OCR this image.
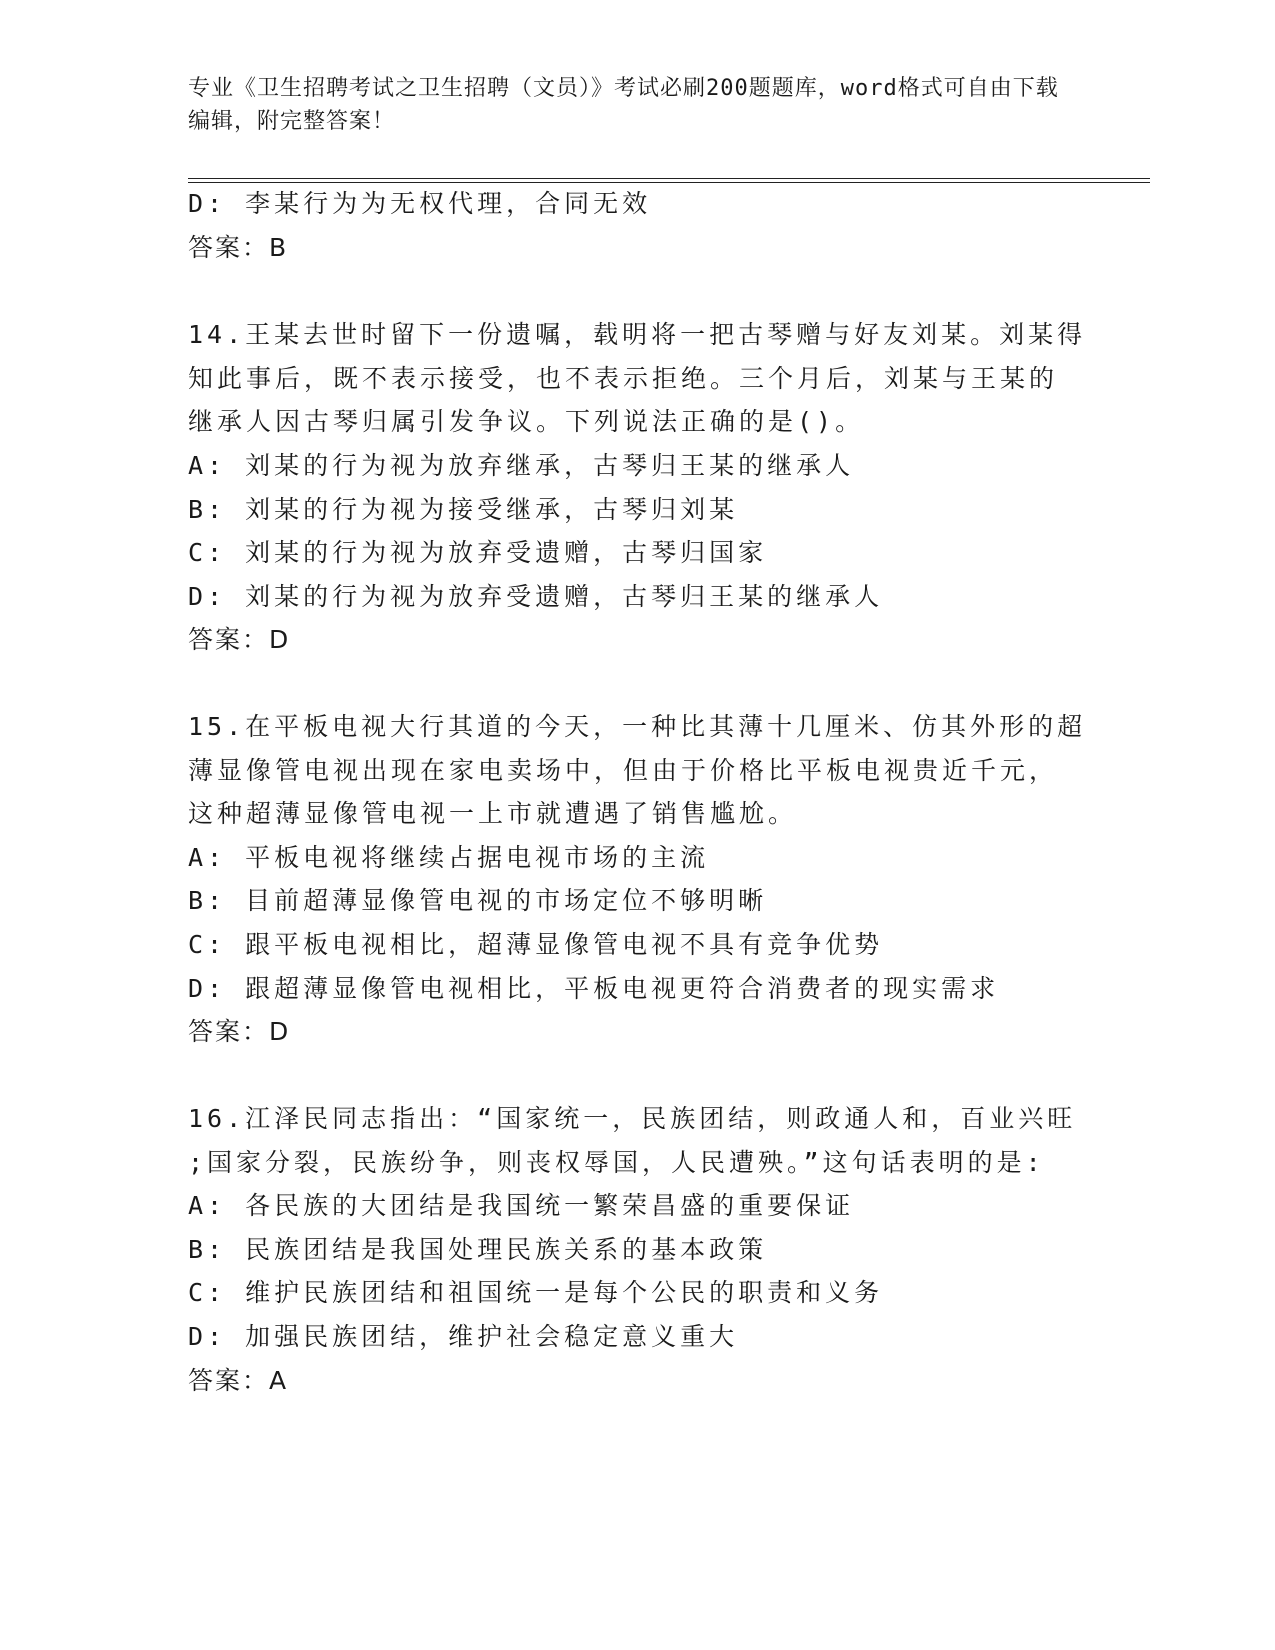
专业《卫生招聘考试之卫生招聘（文员）》考试必刷200题题库，word格式可自由下载编辑，附完整答案！
D: 李某行为为无权代理，合同无效
答案：B
14.王某去世时留下一份遗嘱，载明将一把古琴赠与好友刘某。刘某得
知此事后，既不表示接受，也不表示拒绝。三个月后，刘某与王某的
继承人因古琴归属引发争议。下列说法正确的是()。
A: 刘某的行为视为放弃继承，古琴归王某的继承人
B: 刘某的行为视为接受继承，古琴归刘某
C: 刘某的行为视为放弃受遗赠，古琴归国家
D: 刘某的行为视为放弃受遗赠，古琴归王某的继承人
答案：D
15.在平板电视大行其道的今天，一种比其薄十几厘米、仿其外形的超
薄显像管电视出现在家电卖场中，但由于价格比平板电视贵近千元，
这种超薄显像管电视一上市就遭遇了销售尴尬。
A: 平板电视将继续占据电视市场的主流
B: 目前超薄显像管电视的市场定位不够明晰
C: 跟平板电视相比，超薄显像管电视不具有竞争优势
D: 跟超薄显像管电视相比，平板电视更符合消费者的现实需求
答案：D
16.江泽民同志指出：“国家统一，民族团结，则政通人和，百业兴旺
;国家分裂，民族纷争，则丧权辱国，人民遭殃。”这句话表明的是:
A: 各民族的大团结是我国统一繁荣昌盛的重要保证
B: 民族团结是我国处理民族关系的基本政策
C: 维护民族团结和祖国统一是每个公民的职责和义务
D: 加强民族团结，维护社会稳定意义重大
答案：A
